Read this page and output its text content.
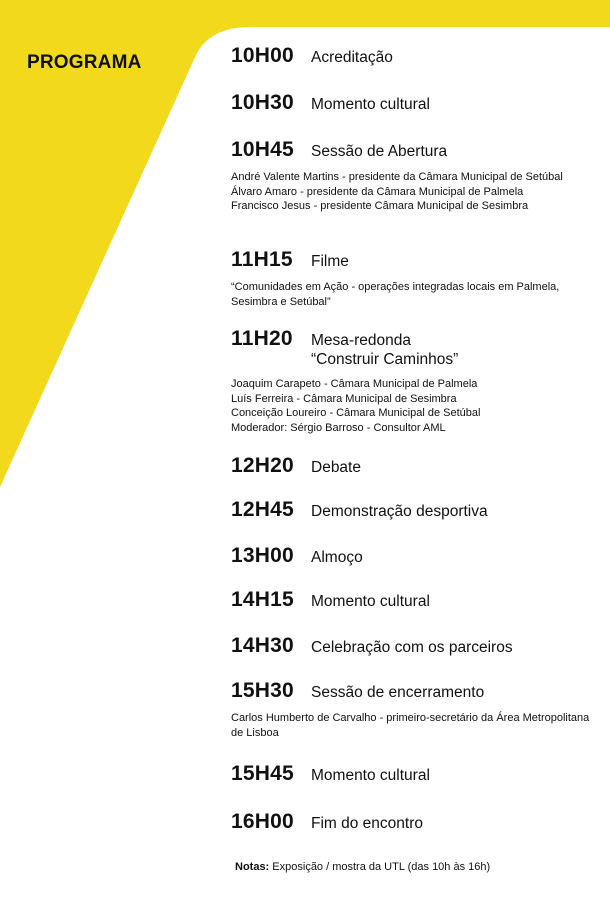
PROGRAMA	10H00	Acreditação
10H30	Momento cultural
10H45	Sessão de Abertura
André Valente Martins - presidente da Câmara Municipal de Setúbal
Álvaro Amaro - presidente da Câmara Municipal de Palmela
Francisco Jesus - presidente Câmara Municipal de Sesimbra
11H15	Filme
“Comunidades em Ação - operações integradas locais em Palmela, Sesimbra e Setúbal”
11H20	Mesa-redonda
“Construir Caminhos”
Joaquim Carapeto - Câmara Municipal de Palmela
Luís Ferreira - Câmara Municipal de Sesimbra
Conceição Loureiro - Câmara Municipal de Setúbal
Moderador: Sérgio Barroso - Consultor AML
12H20	Debate
12H45	Demonstração desportiva
13H00	Almoço
14H15	Momento cultural
14H30	Celebração com os parceiros
15H30	Sessão de encerramento
Carlos Humberto de Carvalho - primeiro-secretário da Área Metropolitana de Lisboa
15H45	Momento cultural
16H00	Fim do encontro
Notas: Exposição / mostra da UTL (das 10h às 16h)
